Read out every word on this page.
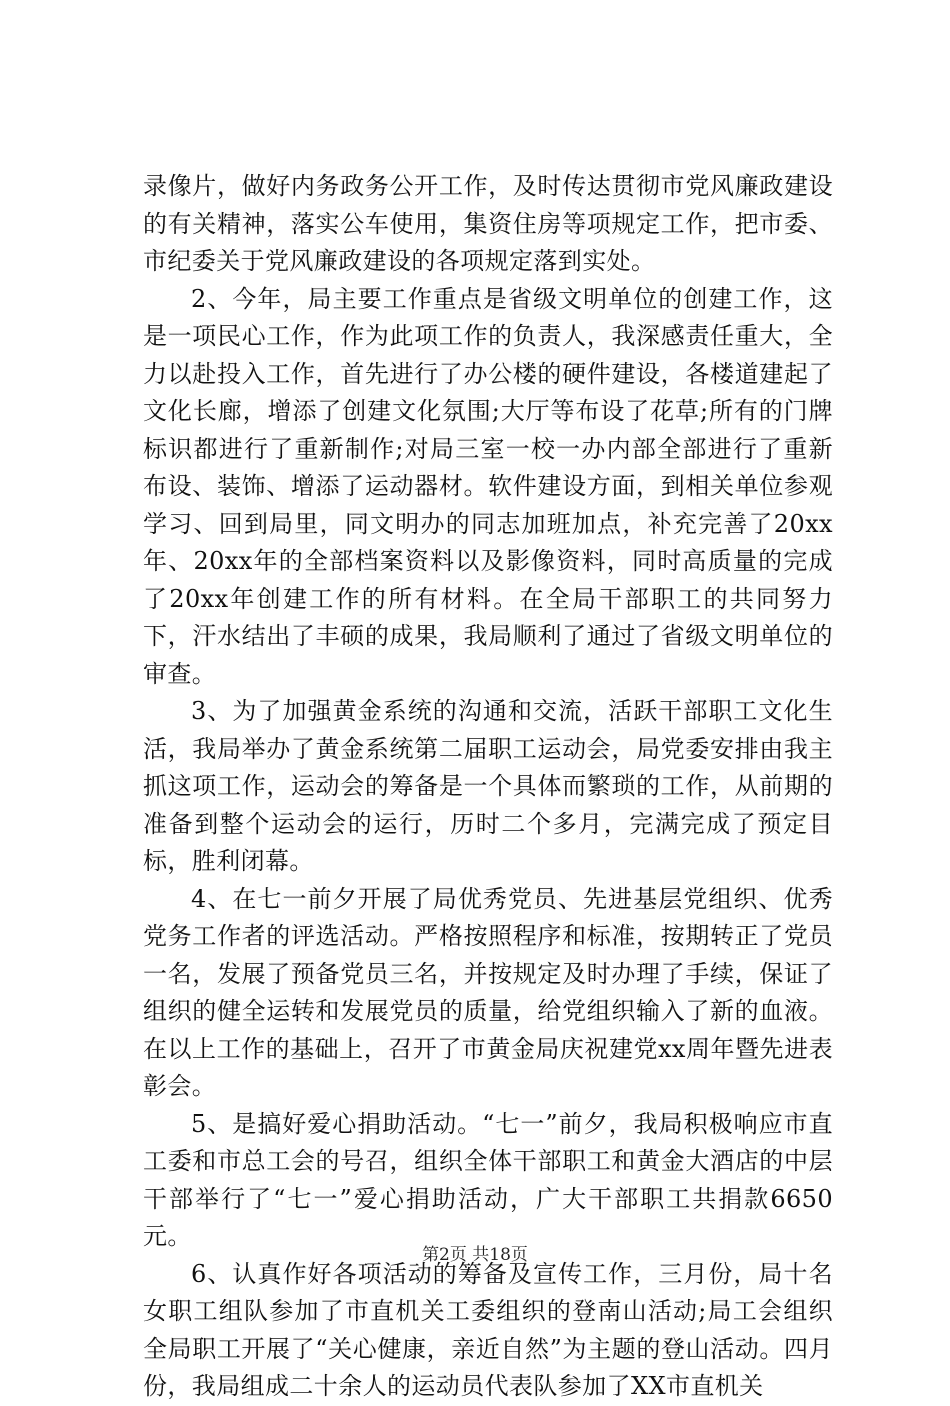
录像片，做好内务政务公开工作，及时传达贯彻市党风廉政建设的有关精神，落实公车使用，集资住房等项规定工作，把市委、市纪委关于党风廉政建设的各项规定落到实处。

2、今年，局主要工作重点是省级文明单位的创建工作，这是一项民心工作，作为此项工作的负责人，我深感责任重大，全力以赴投入工作，首先进行了办公楼的硬件建设，各楼道建起了文化长廊，增添了创建文化氛围;大厅等布设了花草;所有的门牌标识都进行了重新制作;对局三室一校一办内部全部进行了重新布设、装饰、增添了运动器材。软件建设方面，到相关单位参观学习、回到局里，同文明办的同志加班加点，补充完善了20xx年、20xx年的全部档案资料以及影像资料，同时高质量的完成了20xx年创建工作的所有材料。在全局干部职工的共同努力下，汗水结出了丰硕的成果，我局顺利了通过了省级文明单位的审查。

3、为了加强黄金系统的沟通和交流，活跃干部职工文化生活，我局举办了黄金系统第二届职工运动会，局党委安排由我主抓这项工作，运动会的筹备是一个具体而繁琐的工作，从前期的准备到整个运动会的运行，历时二个多月，完满完成了预定目标，胜利闭幕。

4、在七一前夕开展了局优秀党员、先进基层党组织、优秀党务工作者的评选活动。严格按照程序和标准，按期转正了党员一名，发展了预备党员三名，并按规定及时办理了手续，保证了组织的健全运转和发展党员的质量，给党组织输入了新的血液。在以上工作的基础上，召开了市黄金局庆祝建党xx周年暨先进表彰会。

5、是搞好爱心捐助活动。“七一”前夕，我局积极响应市直工委和市总工会的号召，组织全体干部职工和黄金大酒店的中层干部举行了“七一”爱心捐助活动，广大干部职工共捐款6650元。

6、认真作好各项活动的筹备及宣传工作，三月份，局十名女职工组队参加了市直机关工委组织的登南山活动;局工会组织全局职工开展了“关心健康，亲近自然”为主题的登山活动。四月份，我局组成二十余人的运动员代表队参加了XX市直机关

第2页 共18页
